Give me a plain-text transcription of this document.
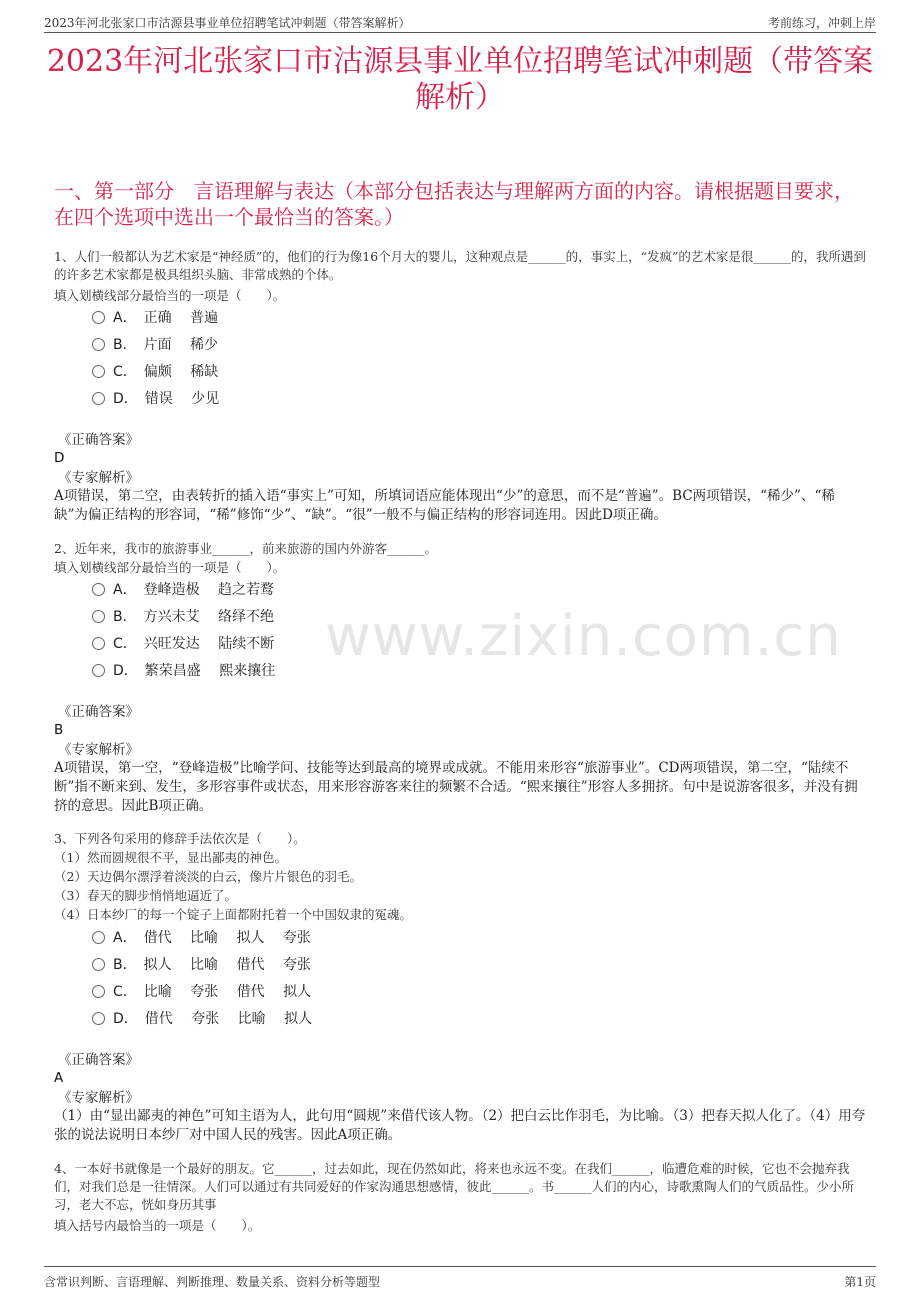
2023年河北张家口市沽源县事业单位招聘笔试冲刺题（带答案解析）	考前练习，冲刺上岸
2023年河北张家口市沽源县事业单位招聘笔试冲刺题（带答案解析）
一、第一部分　言语理解与表达（本部分包括表达与理解两方面的内容。请根据题目要求，在四个选项中选出一个最恰当的答案。）
www.zixin.com.cn
1、人们一般都认为艺术家是“神经质”的，他们的行为像16个月大的婴儿，这种观点是______的，事实上，“发疯”的艺术家是很______的，我所遇到的许多艺术家都是极具组织头脑、非常成熟的个体。
填入划横线部分最恰当的一项是（　　）。
A．　正确　 普遍
B．　片面　 稀少
C．　偏颇　 稀缺
D．　错误　 少见
《正确答案》
D
《专家解析》
A项错误，第二空，由表转折的插入语“事实上”可知，所填词语应能体现出“少”的意思，而不是“普遍”。BC两项错误，“稀少”、“稀缺”为偏正结构的形容词，“稀”修饰“少”、“缺”。“很”一般不与偏正结构的形容词连用。因此D项正确。
2、近年来，我市的旅游事业______，前来旅游的国内外游客______。
填入划横线部分最恰当的一项是（　　）。
A．　登峰造极　 趋之若鹜
B．　方兴未艾　 络绎不绝
C．　兴旺发达　 陆续不断
D．　繁荣昌盛　 熙来攘往
《正确答案》
B
《专家解析》
A项错误，第一空，“登峰造极”比喻学问、技能等达到最高的境界或成就。不能用来形容“旅游事业”。CD两项错误，第二空，“陆续不断”指不断来到、发生，多形容事件或状态，用来形容游客来往的频繁不合适。“熙来攘往”形容人多拥挤。句中是说游客很多，并没有拥挤的意思。因此B项正确。
3、下列各句采用的修辞手法依次是（　　）。
（1）然而圆规很不平，显出鄙夷的神色。
（2）天边偶尔漂浮着淡淡的白云，像片片银色的羽毛。
（3）春天的脚步悄悄地逼近了。
（4）日本纱厂的每一个锭子上面都附托着一个中国奴隶的冤魂。
A．　借代　 比喻　 拟人　 夸张
B．　拟人　 比喻　 借代　 夸张
C．　比喻　 夸张　 借代　 拟人
D．　借代　 夸张　 比喻　 拟人
《正确答案》
A
《专家解析》
（1）由“显出鄙夷的神色”可知主语为人，此句用“圆规”来借代该人物。（2）把白云比作羽毛，为比喻。（3）把春天拟人化了。（4）用夸张的说法说明日本纱厂对中国人民的残害。因此A项正确。
4、一本好书就像是一个最好的朋友。它______，过去如此，现在仍然如此，将来也永远不变。在我们______，临遭危难的时候，它也不会抛弃我们，对我们总是一往情深。人们可以通过有共同爱好的作家沟通思想感情，彼此______。书______人们的内心，诗歌熏陶人们的气质品性。少小所习，老大不忘，恍如身历其事
填入括号内最恰当的一项是（　　）。
含常识判断、言语理解、判断推理、数量关系、资料分析等题型	第1页
